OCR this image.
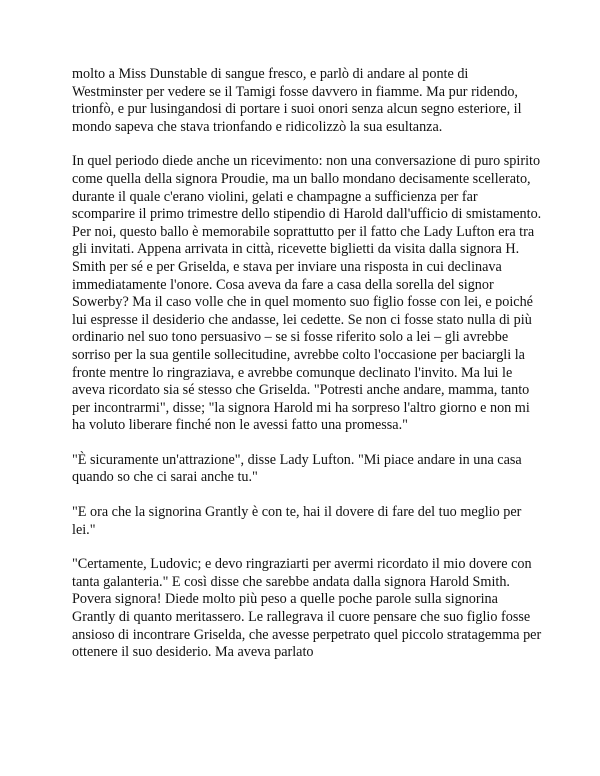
molto a Miss Dunstable di sangue fresco, e parlò di andare al ponte di Westminster per vedere se il Tamigi fosse davvero in fiamme. Ma pur ridendo, trionfò, e pur lusingandosi di portare i suoi onori senza alcun segno esteriore, il mondo sapeva che stava trionfando e ridicolizzò la sua esultanza.

In quel periodo diede anche un ricevimento: non una conversazione di puro spirito come quella della signora Proudie, ma un ballo mondano decisamente scellerato, durante il quale c'erano violini, gelati e champagne a sufficienza per far scomparire il primo trimestre dello stipendio di Harold dall'ufficio di smistamento. Per noi, questo ballo è memorabile soprattutto per il fatto che Lady Lufton era tra gli invitati. Appena arrivata in città, ricevette biglietti da visita dalla signora H. Smith per sé e per Griselda, e stava per inviare una risposta in cui declinava immediatamente l'onore. Cosa aveva da fare a casa della sorella del signor Sowerby? Ma il caso volle che in quel momento suo figlio fosse con lei, e poiché lui espresse il desiderio che andasse, lei cedette. Se non ci fosse stato nulla di più ordinario nel suo tono persuasivo – se si fosse riferito solo a lei – gli avrebbe sorriso per la sua gentile sollecitudine, avrebbe colto l'occasione per baciargli la fronte mentre lo ringraziava, e avrebbe comunque declinato l'invito. Ma lui le aveva ricordato sia sé stesso che Griselda. "Potresti anche andare, mamma, tanto per incontrarmi", disse; "la signora Harold mi ha sorpreso l'altro giorno e non mi ha voluto liberare finché non le avessi fatto una promessa."

"È sicuramente un'attrazione", disse Lady Lufton. "Mi piace andare in una casa quando so che ci sarai anche tu."

"E ora che la signorina Grantly è con te, hai il dovere di fare del tuo meglio per lei."

"Certamente, Ludovic; e devo ringraziarti per avermi ricordato il mio dovere con tanta galanteria." E così disse che sarebbe andata dalla signora Harold Smith. Povera signora! Diede molto più peso a quelle poche parole sulla signorina Grantly di quanto meritassero. Le rallegrava il cuore pensare che suo figlio fosse ansioso di incontrare Griselda, che avesse perpetrato quel piccolo stratagemma per ottenere il suo desiderio. Ma aveva parlato
